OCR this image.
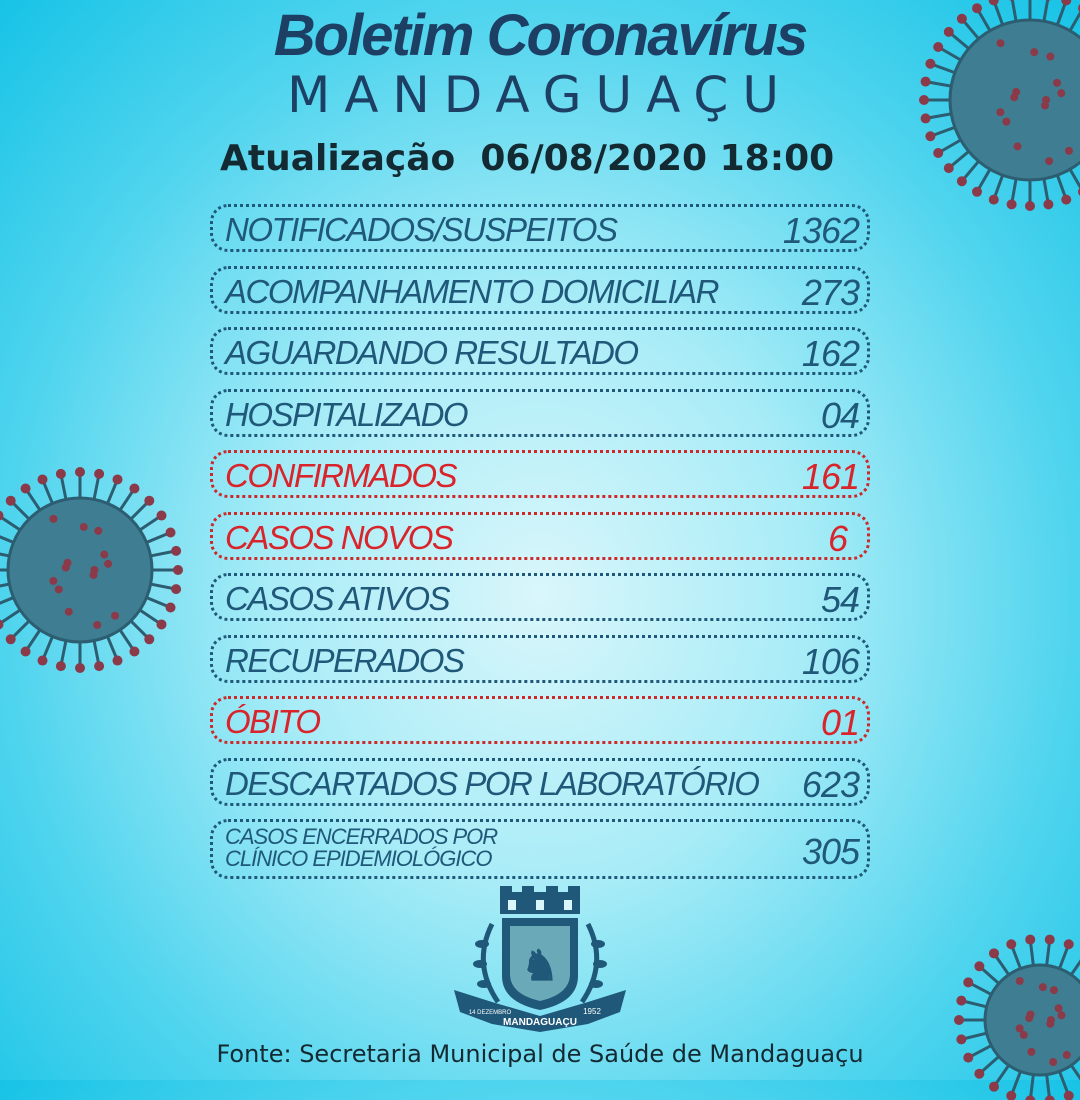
Boletim Coronavírus
MANDAGUAÇU
Atualização 06/08/2020 18:00
NOTIFICADOS/SUSPEITOS	1362
ACOMPANHAMENTO DOMICILIAR 273
AGUARDANDO RESULTADO	162
HOSPITALIZADO	04
CONFIRMADOS	161
CASOS NOVOS	6
CASOS ATIVOS	54
RECUPERADOS	106
ÓBITO	01
DESCARTADOS POR LABORATÓRIO 623
CASOS ENCERRADOS POR CLÍNICO EPIDEMIOLÓGICO	305
♞
MANDAGUAÇU
14 DEZEMBRO	1952
Fonte: Secretaria Municipal de Saúde de Mandaguaçu
